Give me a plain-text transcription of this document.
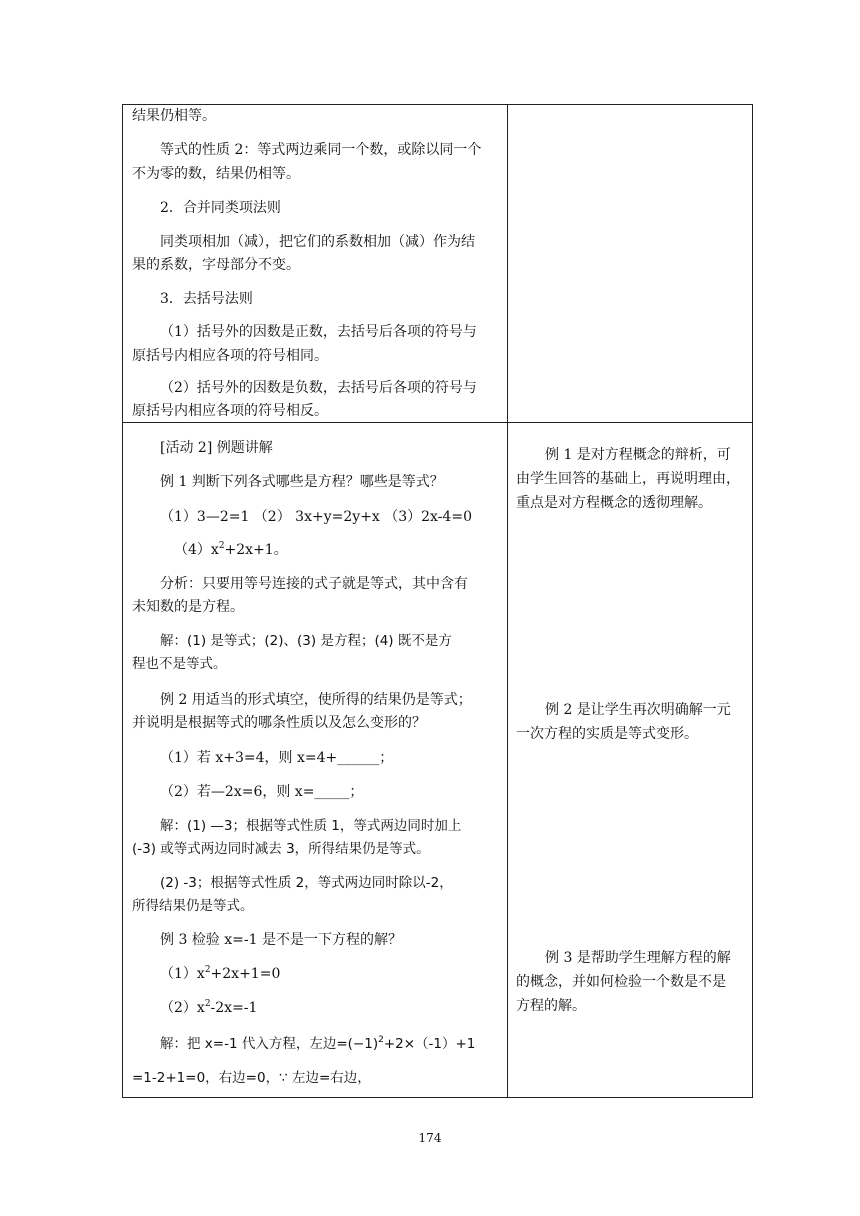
结果仍相等。
等式的性质 2：等式两边乘同一个数，或除以同一个
不为零的数，结果仍相等。
2．合并同类项法则
同类项相加（减），把它们的系数相加（减）作为结
果的系数，字母部分不变。
3．去括号法则
（1）括号外的因数是正数，去括号后各项的符号与
原括号内相应各项的符号相同。
（2）括号外的因数是负数，去括号后各项的符号与
原括号内相应各项的符号相反。
[活动 2] 例题讲解
例 1 判断下列各式哪些是方程？哪些是等式？
（1）3—2=1 （2） 3x+y=2y+x （3）2x-4=0
$(4)x^2+2x+1$。
分析：只要用等号连接的式子就是等式，其中含有
未知数的是方程。
解：(1) 是等式；(2)、(3) 是方程；(4) 既不是方
程也不是等式。
例 2 用适当的形式填空，使所得的结果仍是等式；
并说明是根据等式的哪条性质以及怎么变形的？
（1）若 x+3=4，则 x=4+______；
（2）若—2x=6，则 x=_____；
解：(1) —3；根据等式性质 1，等式两边同时加上
(-3) 或等式两边同时减去 3，所得结果仍是等式。
(2) -3；根据等式性质 2，等式两边同时除以-2，
所得结果仍是等式。
例 3 检验 x=-1 是不是一下方程的解？
$(1)x^2+2x+1=0$
$(2)x^2-2x=-1$
解：把 x=-1 代入方程，左边$=(-1)^2+2\times(-1)+1$
=1-2+1=0，右边=0，∵ 左边=右边，
例 1 是对方程概念的辩析，可
由学生回答的基础上，再说明理由，
重点是对方程概念的透彻理解。
例 2 是让学生再次明确解一元
一次方程的实质是等式变形。
例 3 是帮助学生理解方程的解
的概念，并如何检验一个数是不是
方程的解。
174
